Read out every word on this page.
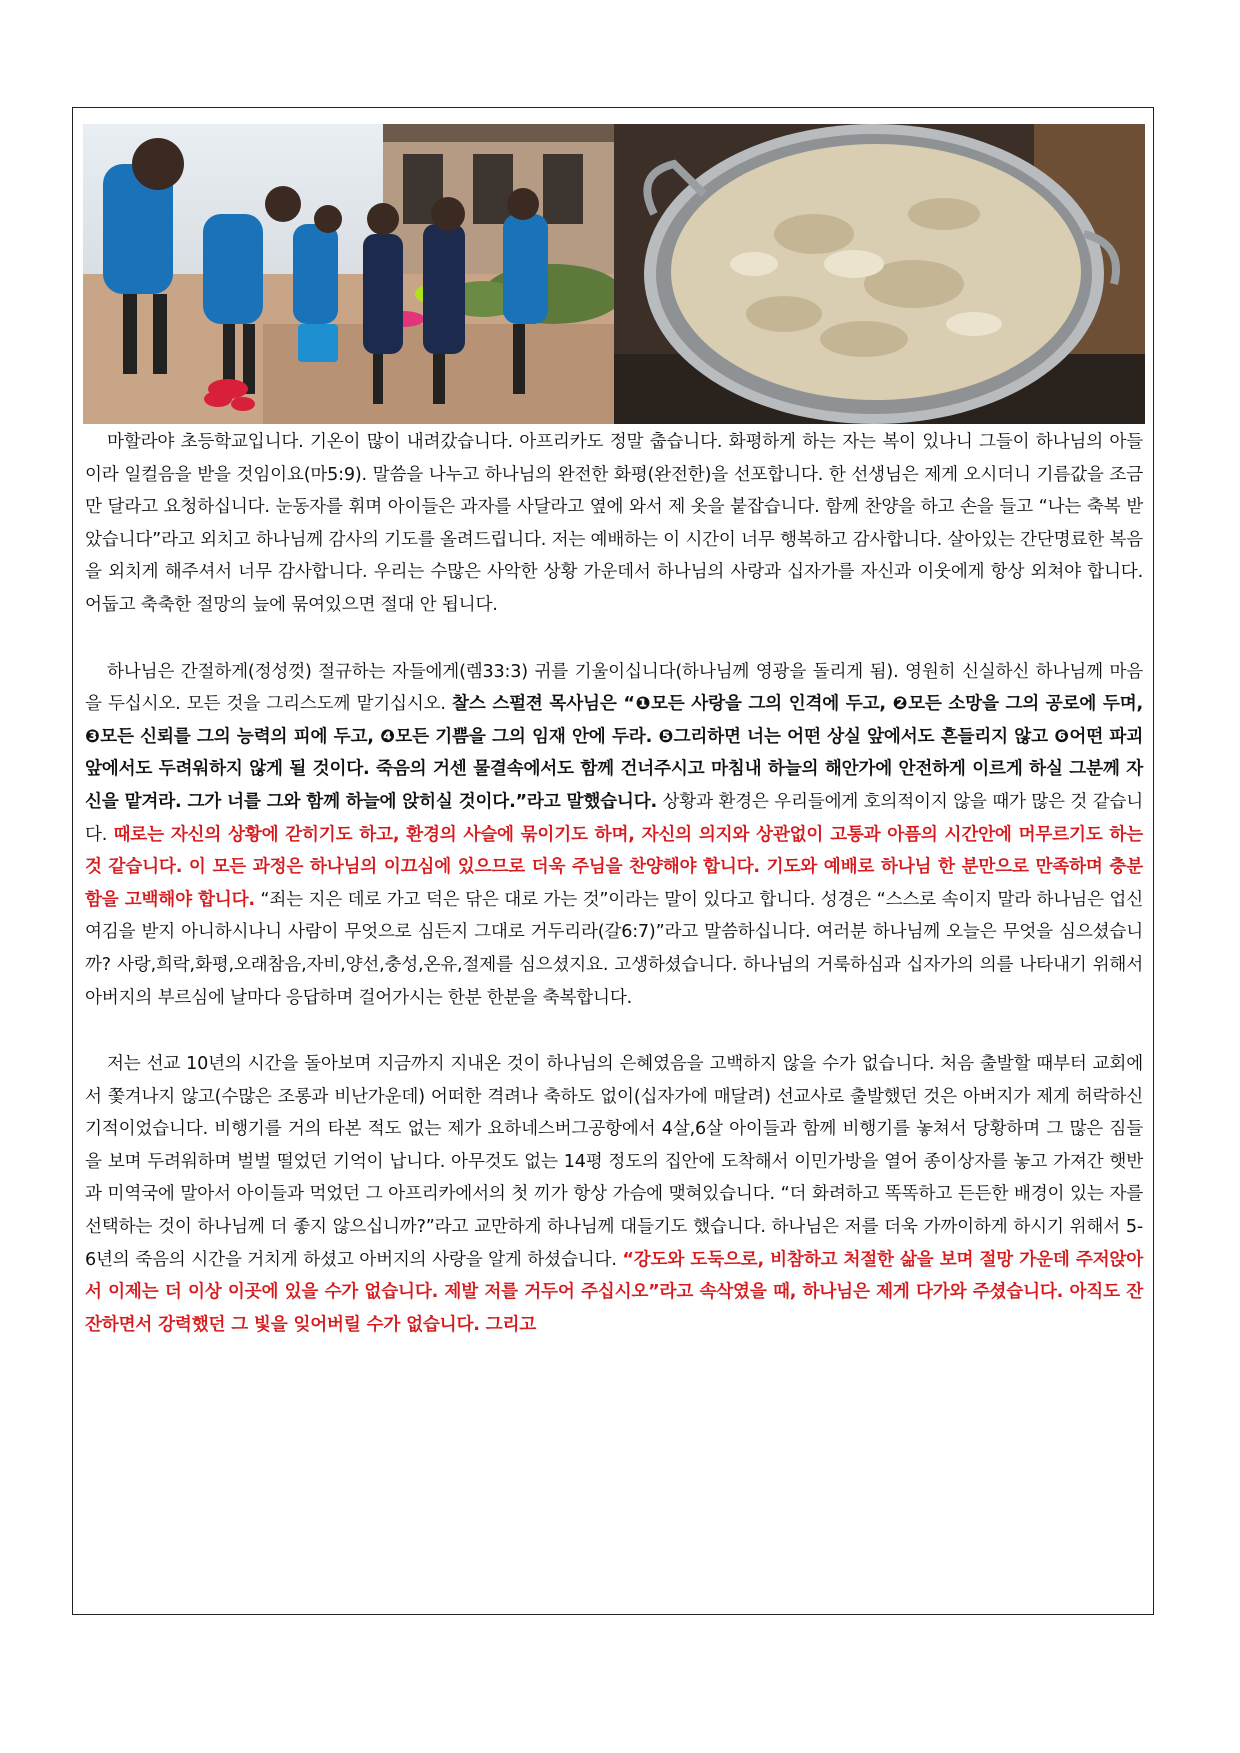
마할라야 초등학교입니다. 기온이 많이 내려갔습니다. 아프리카도 정말 춥습니다. 화평하게 하는 자는 복이 있나니 그들이 하나님의 아들이라 일컬음을 받을 것임이요(마5:9). 말씀을 나누고 하나님의 완전한 화평(완전한)을 선포합니다. 한 선생님은 제게 오시더니 기름값을 조금만 달라고 요청하십니다. 눈동자를 휘며 아이들은 과자를 사달라고 옆에 와서 제 옷을 붙잡습니다. 함께 찬양을 하고 손을 들고 “나는 축복 받았습니다”라고 외치고 하나님께 감사의 기도를 올려드립니다. 저는 예배하는 이 시간이 너무 행복하고 감사합니다. 살아있는 간단명료한 복음을 외치게 해주셔서 너무 감사합니다. 우리는 수많은 사악한 상황 가운데서 하나님의 사랑과 십자가를 자신과 이웃에게 항상 외쳐야 합니다. 어둡고 축축한 절망의 늪에 묶여있으면 절대 안 됩니다.

하나님은 간절하게(정성껏) 절규하는 자들에게(렘33:3) 귀를 기울이십니다(하나님께 영광을 돌리게 됨). 영원히 신실하신 하나님께 마음을 두십시오. 모든 것을 그리스도께 맡기십시오. 찰스 스펄젼 목사님은 “❶모든 사랑을 그의 인격에 두고, ❷모든 소망을 그의 공로에 두며, ❸모든 신뢰를 그의 능력의 피에 두고, ❹모든 기쁨을 그의 임재 안에 두라. ❺그리하면 너는 어떤 상실 앞에서도 흔들리지 않고 ❻어떤 파괴 앞에서도 두려워하지 않게 될 것이다. 죽음의 거센 물결속에서도 함께 건너주시고 마침내 하늘의 해안가에 안전하게 이르게 하실 그분께 자신을 맡겨라. 그가 너를 그와 함께 하늘에 앉히실 것이다.”라고 말했습니다. 상황과 환경은 우리들에게 호의적이지 않을 때가 많은 것 같습니다. 때로는 자신의 상황에 갇히기도 하고, 환경의 사슬에 묶이기도 하며, 자신의 의지와 상관없이 고통과 아픔의 시간안에 머무르기도 하는 것 같습니다. 이 모든 과정은 하나님의 이끄심에 있으므로 더욱 주님을 찬양해야 합니다. 기도와 예배로 하나님 한 분만으로 만족하며 충분함을 고백해야 합니다. “죄는 지은 데로 가고 덕은 닦은 대로 가는 것”이라는 말이 있다고 합니다. 성경은 “스스로 속이지 말라 하나님은 업신여김을 받지 아니하시나니 사람이 무엇으로 심든지 그대로 거두리라(갈6:7)”라고 말씀하십니다. 여러분 하나님께 오늘은 무엇을 심으셨습니까? 사랑,희락,화평,오래참음,자비,양선,충성,온유,절제를 심으셨지요. 고생하셨습니다. 하나님의 거룩하심과 십자가의 의를 나타내기 위해서 아버지의 부르심에 날마다 응답하며 걸어가시는 한분 한분을 축복합니다.

저는 선교 10년의 시간을 돌아보며 지금까지 지내온 것이 하나님의 은혜였음을 고백하지 않을 수가 없습니다. 처음 출발할 때부터 교회에서 쫓겨나지 않고(수많은 조롱과 비난가운데) 어떠한 격려나 축하도 없이(십자가에 매달려) 선교사로 출발했던 것은 아버지가 제게 허락하신 기적이었습니다. 비행기를 거의 타본 적도 없는 제가 요하네스버그공항에서 4살,6살 아이들과 함께 비행기를 놓쳐서 당황하며 그 많은 짐들을 보며 두려워하며 벌벌 떨었던 기억이 납니다. 아무것도 없는 14평 정도의 집안에 도착해서 이민가방을 열어 종이상자를 놓고 가져간 햇반과 미역국에 말아서 아이들과 먹었던 그 아프리카에서의 첫 끼가 항상 가슴에 맺혀있습니다. “더 화려하고 똑똑하고 든든한 배경이 있는 자를 선택하는 것이 하나님께 더 좋지 않으십니까?”라고 교만하게 하나님께 대들기도 했습니다. 하나님은 저를 더욱 가까이하게 하시기 위해서 5-6년의 죽음의 시간을 거치게 하셨고 아버지의 사랑을 알게 하셨습니다. “강도와 도둑으로, 비참하고 처절한 삶을 보며 절망 가운데 주저앉아서 이제는 더 이상 이곳에 있을 수가 없습니다. 제발 저를 거두어 주십시오”라고 속삭였을 때, 하나님은 제게 다가와 주셨습니다. 아직도 잔잔하면서 강력했던 그 빛을 잊어버릴 수가 없습니다. 그리고
